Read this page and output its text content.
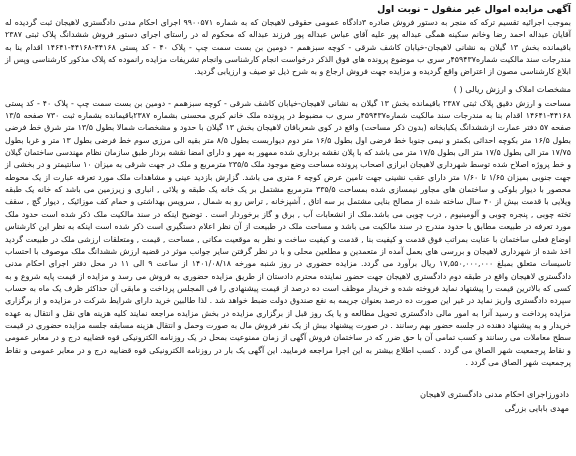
آگهی مزایده اموال غیر منقول – نوبت اول

بموجب اجرائیه تقسیم ترکه که منجر به دستور فروش صادره ۳دادگاه عمومی حقوقی لاهیجان که به شماره ۹۹۰۰۵۷۱ اجرای احکام مدنی دادگستری لاهیجان ثبت گردیده له آقایان عبداله احمد رضا وخانم سکینه همگی عبداله پور علیه آقای عباس عبداله پور فرزند عبداله که محکوم له در راستای اجرای دستور فروش ششدانگ پلاک ثبتی ۲۳۸۷ باقیمانده بخش ۱۳ گیلان به نشانی لاهیجان-خیابان کاشف شرقی - کوچه سبزهمم - دومین بن بست سمت چپ - پلاک ۴۰ - کد پستی ۴۴۱۶۸-۴۴۱۶۸-۱۴۶۴۱ اقدام بنا به مندرجات سند مالکیت شماره۴۵۹۴۳۷ر سری ب موضوع پرونده های فوق الذکر درخواست انجام کارشناسی وانجام تشریفات مزایده رانموده که پلاک مذکور کارشناسی وپس از ابلاغ کارشناسی مصون از اعتراض واقع گردیده و مزایده جهت فروش ارجاع و به شرح ذیل تو صیف و ارزیابی گردید.

مشخصات املاک و ارزش ریالی ( )

مساحت و ارزش دقیق پلاک ثبتی ۲۳۸۷ باقیمانده بخش ۱۳ گیلان به نشانی لاهیجان-خیابان کاشف شرقی - کوچه سبزهمم - دومین بن بست سمت چپ - پلاک ۴۰ - کد پستی ۴۴۱۶۸-۱۴۶۴۱ اقدام بنا به مندرجات سند مالکیت شماره۴۵۹۴۳۷ر سری ب مضبوط در پرونده ملک خانم کبری محسنی بشماره ۲۳۸۷باقیمانده بشماره ثبت ۷۳۰ صفحه ۱۳/۵ صفحه ۵۷ دفتر عمارت ازششدانگ یکبابخانه (بدون ذکر مساحت) واقع در کوی شعربافان لاهیجان بخش ۱۳ گیلان با حدود و مشخصات شمالا بطول ۱۳/۵ متر شرق خط فرضی بطول ۱۶/۵ متر بکوچه احداثی بکمتر و نیمی جنوبا خط فرضی اول بطول ۱۶/۵ متر دوم دیواربست بطول ۸/۵ متر بقیه الی مرزی سوم خط فرضی بطول ۱۳ متر و غربا بطول ۱۷/۷۵ متر الی بطول ۱۷/۵ متر الی بطول ۱۷/۵ متر می باشد که با پلان نقشه برداری شده ممهور به مهر و دارای امضا نقشه بردار طبق سازمان نظام مهندسی ساختمان گیلان و خط پروژه اصلاح شده توسط شهرداری لاهیجان ابرازی اصحاب پرونده مساحت وضع موجود ملک ۲۳۵/۵ مترمربع و ملک در جهت شرقی به میزان ۱۰ سانتیمتر و در بخشی از جهت جنوبی بمیزان ۱/۶۵ تا ۱/۶۰ متر دارای عقب نشینی جهت تامین عرض کوچه ۶ متری می باشد. گزارش بازدید عینی و مشاهدات ملک مورد تعرفه عبارت از یک محوطه محصور با دیوار بلوکی و ساختمان های مجاور نیمسازی شده بمساحت ۳۳۵/۵ مترمربع مشتمل بر یک خانه یک طبقه و یلائی , انباری و زیرزمین می باشد که خانه یک طبقه ویلایی با قدمت بیش از ۴۰ سال ساخته شده از مصالح بنایی مشتمل بر سه اتاق , آشپزخانه , تراس رو به شمال , سرویس بهداشتی و حمام کف موزائیک , دیوار گچ , سقف تخته چوبی , پنجره چوبی و آلومینیوم , درب چوبی می باشد.ملک از انشعابات آب , برق و گاز برخوردار است . توضیح اینکه در سند مالکیت ملک ذکر شده است حدود ملک مورد تعرفه در طبیعت مطابق با حدود مندرج در سند مالکیت می باشد و مساحت ملک در طبیعت از آن نظر اعلام دستگیری است ذکر شده است اینکه به نظر این کارشناس اوضاع فعلی ساختمان با عنایت بمراتب فوق قدمت و کیفیت بنا , قدمت و کیفیت ساخت و نظر به موقعیت مکانی , مساحت , قیمت , ومتعلقات ارزشی ملک در طبیعت گردید اخذ شده از شهرداری لاهیجان و بررسی های بعمل آمده از متعمدین و مطلعین محلی و با در نظر گرفتن سایر جوانب موثر در قضیه ارزش ششدانگ ملک موصوف با احتساب تاسیسات متعلق بمبلغ ۱۷,۵۵۰,۰۰۰,۰۰۰ ریال برآورد می گردد. مزایده حضوری در روز شنبه مورخه ۱۴۰۱/۰۸/۱۸ از ساعت ۹ الی ۱۱ در محل دفتر اجرای احکام مدنی دادگستری لاهیجان واقع در طبقه دوم دادگستری لاهیجان جهت حضور نماینده محترم دادستان از طریق مزایده حضوری به فروش می رسد و مزایده از قیمت پایه شروع و به کسی که بالاترین قیمت را پیشنهاد نماید فروخته شده و خریدار موظف است ده درصد از قیمت پیشنهادی را فی المجلس پرداخت و مابقی آن حداکثر ظرف یک ماه به حساب سپرده دادگستری واریز نماید در غیر این صورت ده درصد بعنوان جریمه به نفع صندوق دولت ضبط خواهد شد . لذا طالبین خرید دارای شرایط شرکت در مزایده و از برگزاری مزایده پرداخت و رسید آنرا به امور مالی دادگستری تحویل مطالعه و یا یک روز قبل از برگزاری مزایده در بخش مزایده مراجعه نمایند کلیه هزینه های نقل و انتقال به عهده خریدار و به پیشنهاد دهنده در جلسه حضور بهم رسانند . در صورت پیشنهاد بیش از یک نفر فروش مال به صورت وحمل و انتقال هزینه مسابقه جلسه مزایده حضوری در قیمت سطح معاملات می رسانند و کسب تمامی آن با حق ضرر که در ساختمان فروش آگهی از زمان ممنوعیت بمحل در یک روزنامه الکترونیکی قوه قضاییه درج و در معابر عمومی و نقاط پرجمعیت شهر الصاق می گردد . کسب اطلاع بیشتر به این اجرا مراجعه فرمایید. این آگهی یک بار در روزنامه الکترونیکی قوه قضاییه درج و در معابر عمومی و نقاط پرجمعیت شهر الصاق می گردد .

دادورزاجرای احکام مدنی دادگستری لاهیجان
مهدی بابایی بزرگی
